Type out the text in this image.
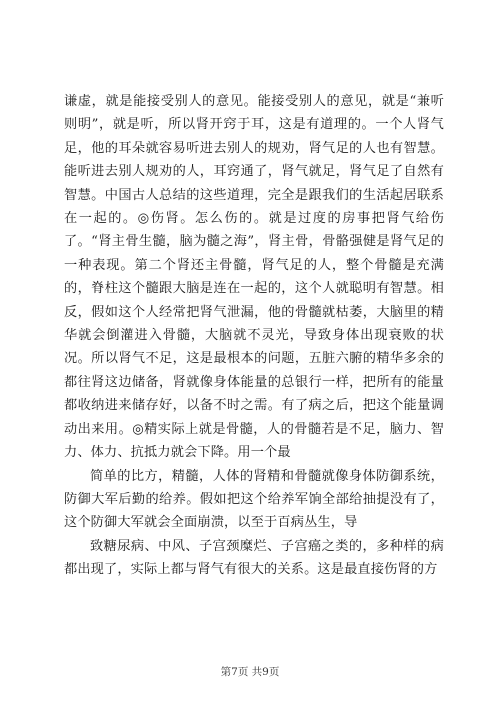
谦虚，就是能接受别人的意见。能接受别人的意见，就是“兼听则明”，就是听，所以肾开窍于耳，这是有道理的。一个人肾气足，他的耳朵就容易听进去别人的规劝，肾气足的人也有智慧。能听进去别人规劝的人，耳窍通了，肾气就足，肾气足了自然有智慧。中国古人总结的这些道理，完全是跟我们的生活起居联系在一起的。◎伤肾。怎么伤的。就是过度的房事把肾气给伤了。“肾主骨生髓，脑为髓之海”，肾主骨，骨骼强健是肾气足的一种表现。第二个肾还主骨髓，肾气足的人，整个骨髓是充满的，脊柱这个髓跟大脑是连在一起的，这个人就聪明有智慧。相反，假如这个人经常把肾气泄漏，他的骨髓就枯萎，大脑里的精华就会倒灌进入骨髓，大脑就不灵光，导致身体出现衰败的状况。所以肾气不足，这是最根本的问题，五脏六腑的精华多余的都往肾这边储备，肾就像身体能量的总银行一样，把所有的能量都收纳进来储存好，以备不时之需。有了病之后，把这个能量调动出来用。◎精实际上就是骨髓，人的骨髓若是不足，脑力、智力、体力、抗抵力就会下降。用一个最

简单的比方，精髓，人体的肾精和骨髓就像身体防御系统，防御大军后勤的给养。假如把这个给养军饷全部给抽提没有了，这个防御大军就会全面崩溃，以至于百病丛生，导

致糖尿病、中风、子宫颈糜烂、子宫癌之类的，多种样的病都出现了，实际上都与肾气有很大的关系。这是最直接伤肾的方

第7页 共9页
